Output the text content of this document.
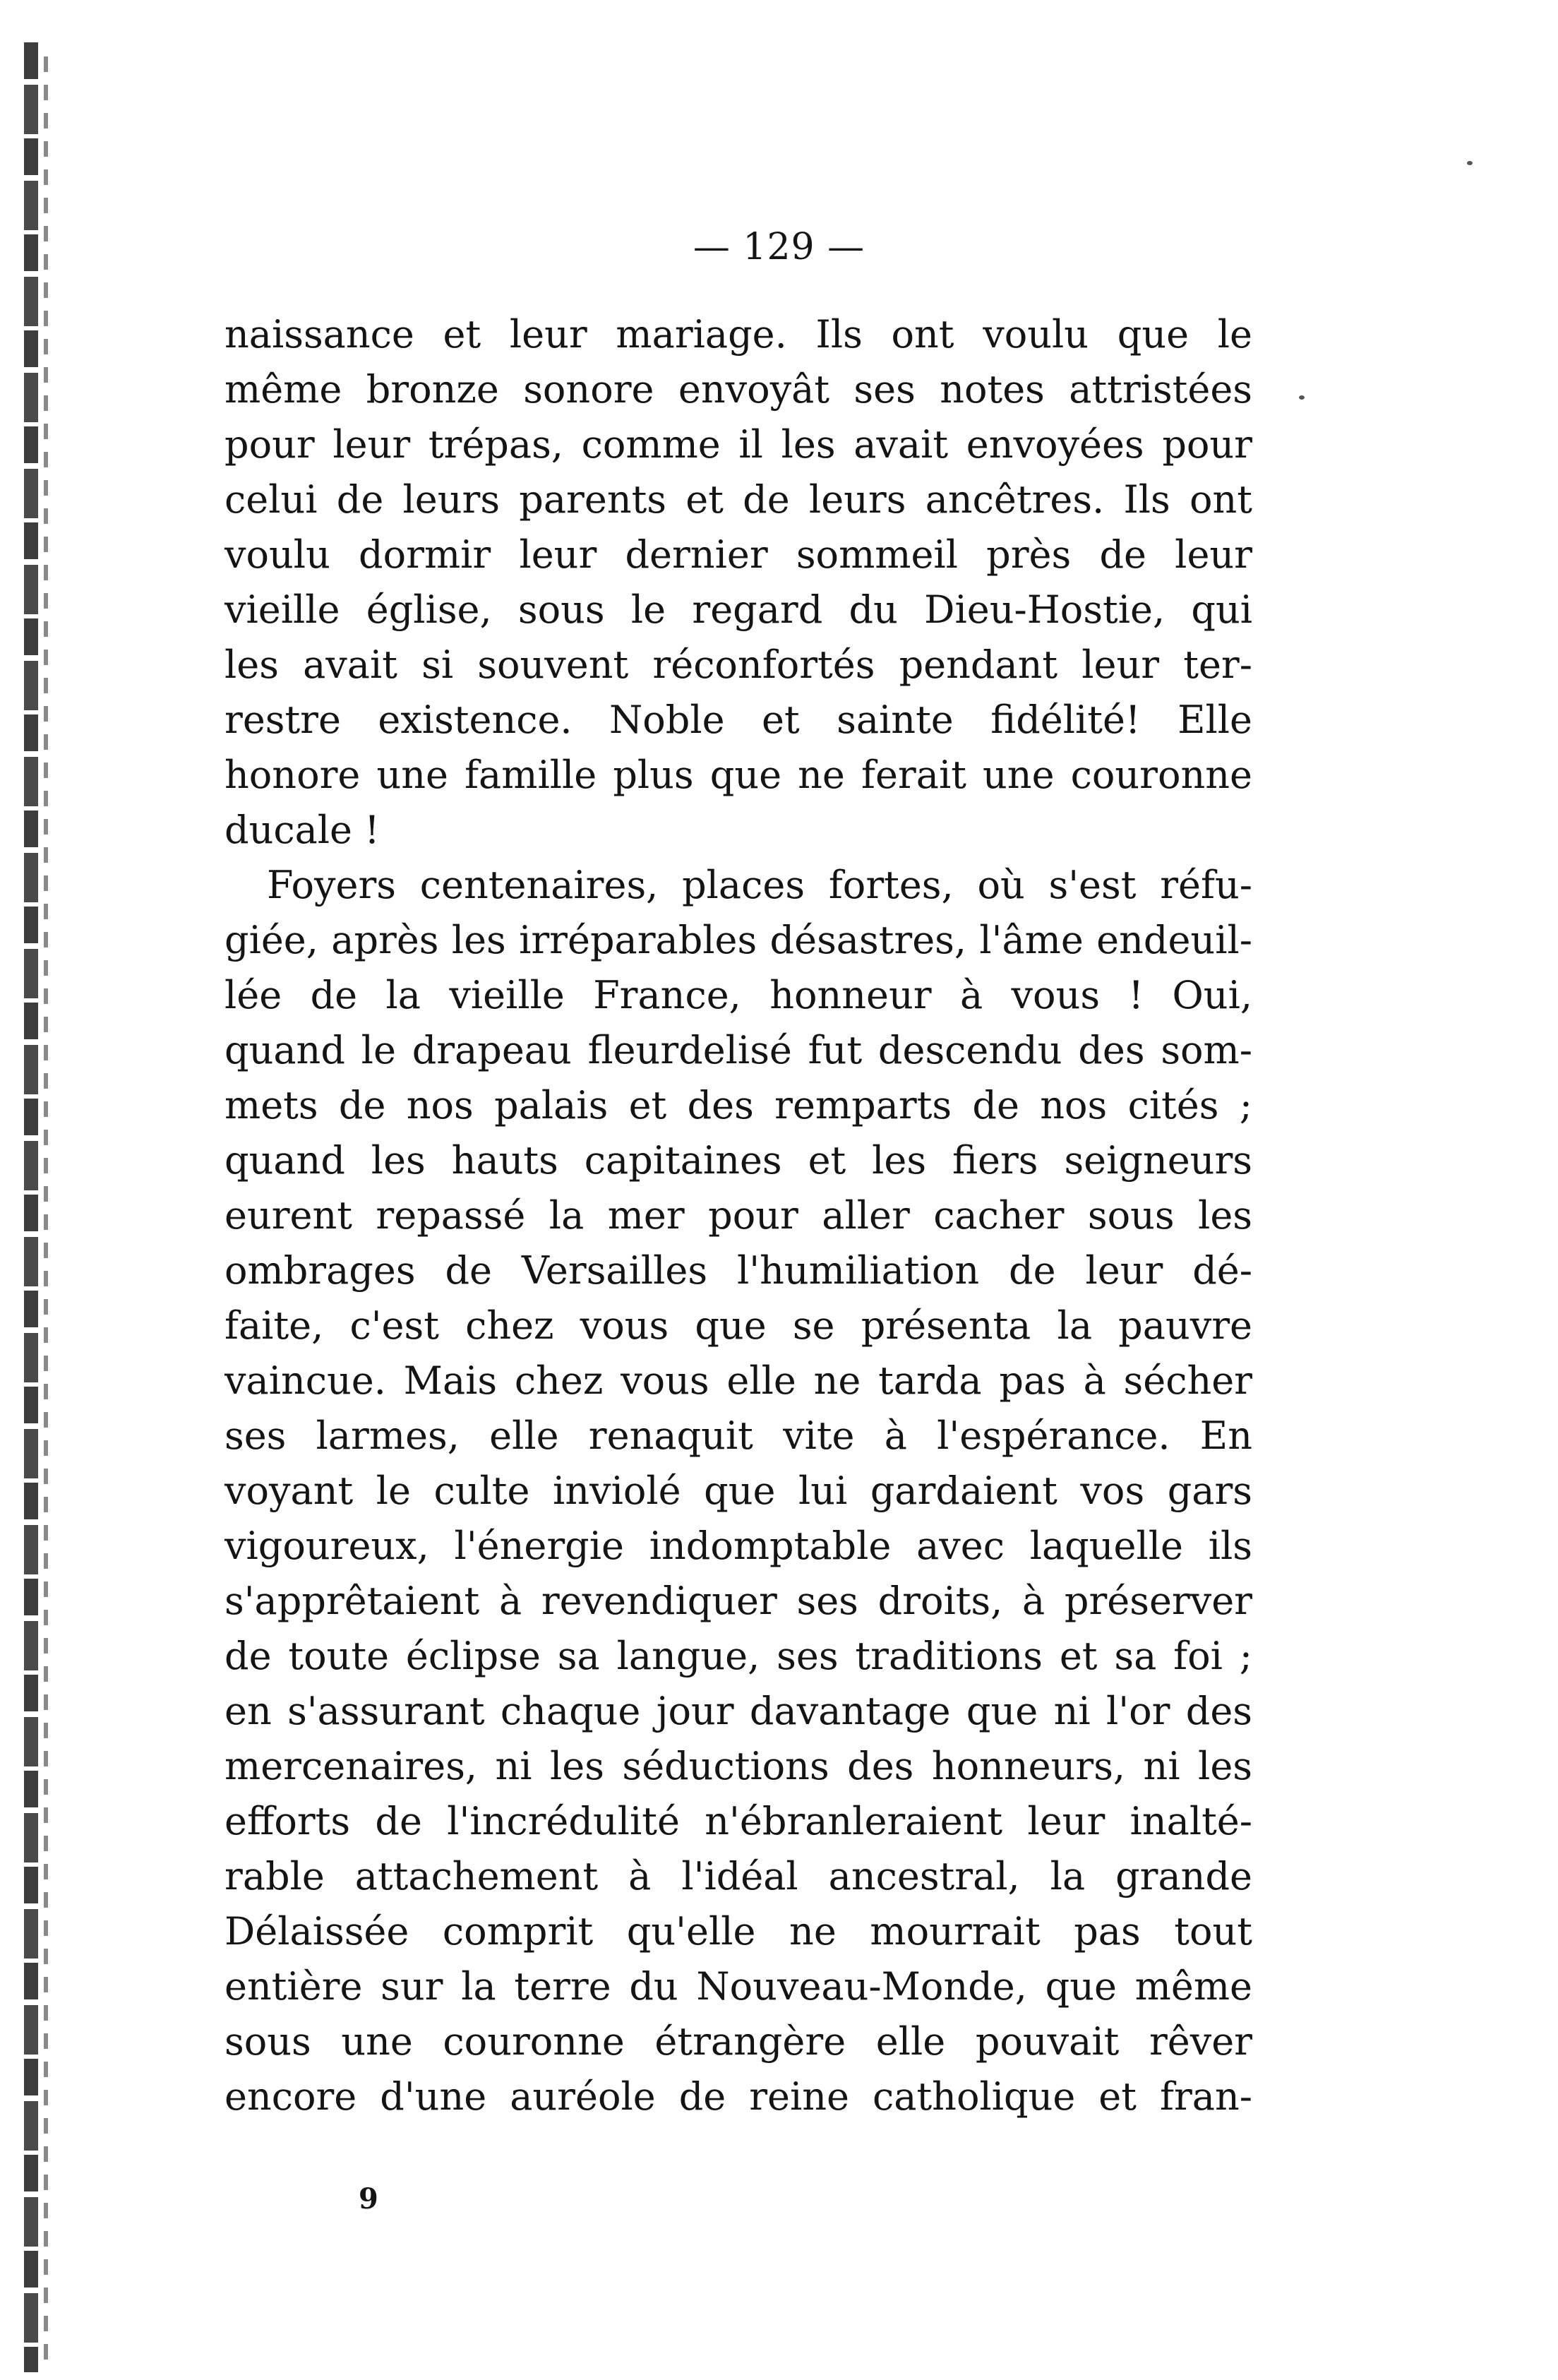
— 129 —
naissance et leur mariage. Ils ont voulu que le
même bronze sonore envoyât ses notes attristées
pour leur trépas, comme il les avait envoyées pour
celui de leurs parents et de leurs ancêtres. Ils ont
voulu dormir leur dernier sommeil près de leur
vieille église, sous le regard du Dieu-Hostie, qui
les avait si souvent réconfortés pendant leur ter-
restre existence. Noble et sainte fidélité! Elle
honore une famille plus que ne ferait une couronne
ducale !
Foyers centenaires, places fortes, où s'est réfu-
giée, après les irréparables désastres, l'âme endeuil-
lée de la vieille France, honneur à vous ! Oui,
quand le drapeau fleurdelisé fut descendu des som-
mets de nos palais et des remparts de nos cités ;
quand les hauts capitaines et les fiers seigneurs
eurent repassé la mer pour aller cacher sous les
ombrages de Versailles l'humiliation de leur dé-
faite, c'est chez vous que se présenta la pauvre
vaincue. Mais chez vous elle ne tarda pas à sécher
ses larmes, elle renaquit vite à l'espérance. En
voyant le culte inviolé que lui gardaient vos gars
vigoureux, l'énergie indomptable avec laquelle ils
s'apprêtaient à revendiquer ses droits, à préserver
de toute éclipse sa langue, ses traditions et sa foi ;
en s'assurant chaque jour davantage que ni l'or des
mercenaires, ni les séductions des honneurs, ni les
efforts de l'incrédulité n'ébranleraient leur inalté-
rable attachement à l'idéal ancestral, la grande
Délaissée comprit qu'elle ne mourrait pas tout
entière sur la terre du Nouveau-Monde, que même
sous une couronne étrangère elle pouvait rêver
encore d'une auréole de reine catholique et fran-
9
